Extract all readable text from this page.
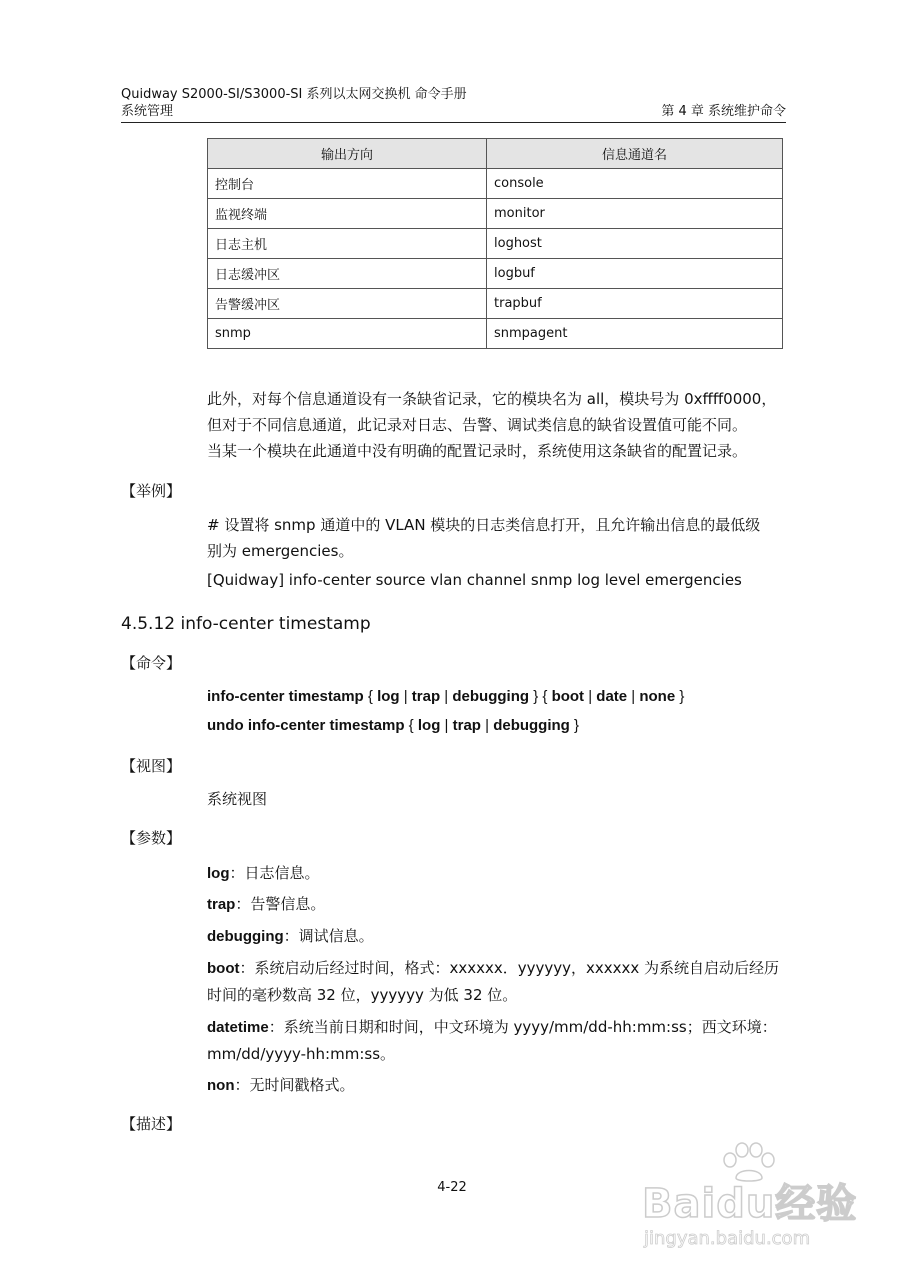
Quidway S2000-SI/S3000-SI 系列以太网交换机 命令手册
系统管理	第 4 章 系统维护命令
输出方向	信息通道名
控制台	console
监视终端	monitor
日志主机	loghost
日志缓冲区	logbuf
告警缓冲区	trapbuf
snmp	snmpagent
此外，对每个信息通道设有一条缺省记录，它的模块名为 all，模块号为 0xffff0000，
但对于不同信息通道，此记录对日志、告警、调试类信息的缺省设置值可能不同。
当某一个模块在此通道中没有明确的配置记录时，系统使用这条缺省的配置记录。
【举例】
# 设置将 snmp 通道中的 VLAN 模块的日志类信息打开，且允许输出信息的最低级
别为 emergencies。
[Quidway] info-center source vlan channel snmp log level emergencies
4.5.12 info-center timestamp
【命令】
info-center timestamp { log | trap | debugging } { boot | date | none }
undo info-center timestamp { log | trap | debugging }
【视图】
系统视图
【参数】
log：日志信息。
trap：告警信息。
debugging：调试信息。
boot：系统启动后经过时间，格式：xxxxxx．yyyyyy，xxxxxx 为系统自启动后经历
时间的毫秒数高 32 位，yyyyyy 为低 32 位。
datetime：系统当前日期和时间，中文环境为 yyyy/mm/dd-hh:mm:ss；西文环境：
mm/dd/yyyy-hh:mm:ss。
non：无时间戳格式。
【描述】
4-22	Baidu经验
jingyan.baidu.com
